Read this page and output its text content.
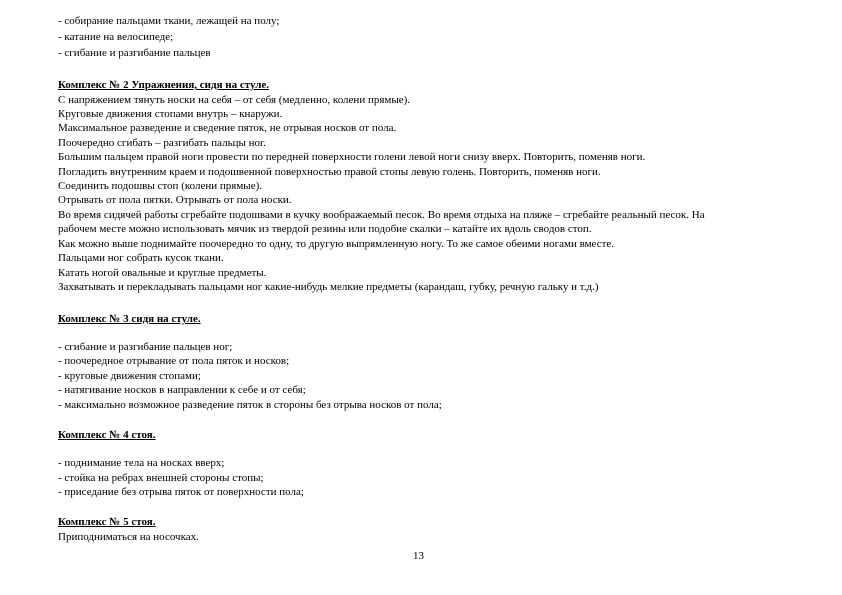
- собирание пальцами ткани, лежащей на полу;
- катание на велосипеде;
- сгибание и разгибание пальцев
Комплекс № 2 Упражнения, сидя на стуле.
С напряжением тянуть носки на себя – от себя (медленно, колени прямые).
Круговые движения стопами внутрь – кнаружи.
Максимальное разведение и сведение пяток, не отрывая носков от пола.
Поочередно сгибать – разгибать пальцы ног.
Большим пальцем правой ноги провести по передней поверхности голени левой ноги снизу вверх. Повторить, поменяв ноги.
Погладить внутренним краем и подошвенной поверхностью правой стопы левую голень. Повторить, поменяв ноги.
Соединить подошвы стоп (колени прямые).
Отрывать от пола пятки. Отрывать от пола носки.
Во время сидячей работы сгребайте подошвами в кучку воображаемый песок. Во время отдыха на пляже – сгребайте реальный песок. На
рабочем месте можно использовать мячик из твердой резины или подобие скалки – катайте их вдоль сводов стоп.
Как можно выше поднимайте поочередно то одну, то другую выпрямленную ногу. То же самое обеими ногами вместе.
Пальцами ног собрать кусок ткани.
Катать ногой овальные и круглые предметы.
Захватывать и перекладывать пальцами ног какие-нибудь мелкие предметы (карандаш, губку, речную гальку и т.д.)
Комплекс № 3 сидя на стуле.
- сгибание и разгибание пальцев ног;
- поочередное отрывание от пола пяток и носков;
- круговые движения стопами;
- натягивание носков в направлении к себе и от себя;
- максимально возможное разведение пяток в стороны без отрыва носков от пола;
Комплекс № 4 стоя.
- поднимание тела на носках вверх;
- стойка на ребрах внешней стороны стопы;
- приседание без отрыва пяток от поверхности пола;
Комплекс № 5 стоя.
Приподниматься на носочках.
13
